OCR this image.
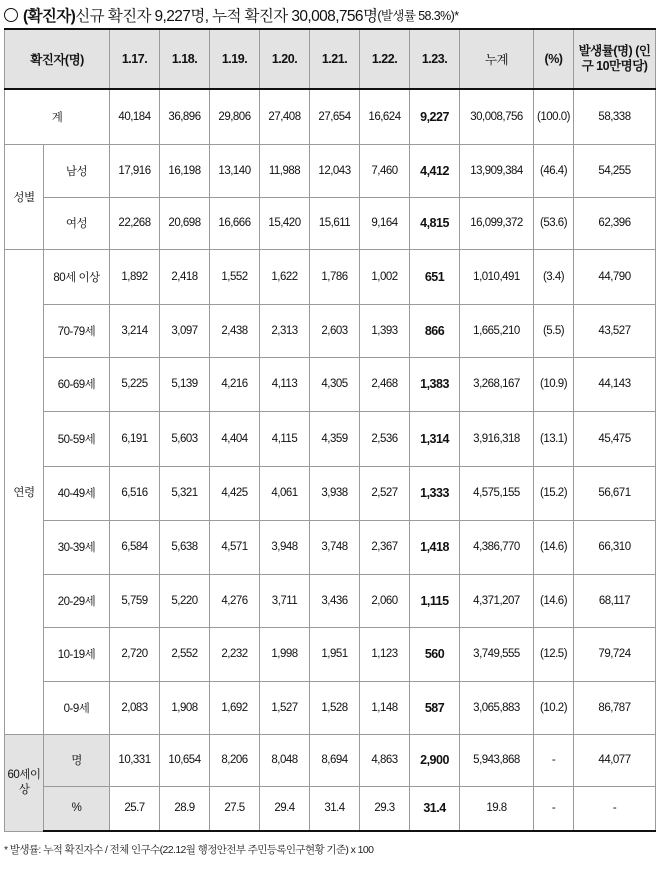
(확진자) 신규 확진자 9,227명, 누적 확진자 30,008,756명 (발생률 58.3%)*
확진자(명)		1.17.	1.18.	1.19.	1.20.	1.21.	1.22.	1.23.	누계	(%)	발생률(명) (인구 10만명당)
계		40,184	36,896	29,806	27,408	27,654	16,624	9,227	30,008,756	(100.0)	58,338
성별	남성	17,916	16,198	13,140	11,988	12,043	7,460	4,412	13,909,384	(46.4)	54,255
	여성	22,268	20,698	16,666	15,420	15,611	9,164	4,815	16,099,372	(53.6)	62,396
연령	80세 이상	1,892	2,418	1,552	1,622	1,786	1,002	651	1,010,491	(3.4)	44,790
	70-79세	3,214	3,097	2,438	2,313	2,603	1,393	866	1,665,210	(5.5)	43,527
	60-69세	5,225	5,139	4,216	4,113	4,305	2,468	1,383	3,268,167	(10.9)	44,143
	50-59세	6,191	5,603	4,404	4,115	4,359	2,536	1,314	3,916,318	(13.1)	45,475
	40-49세	6,516	5,321	4,425	4,061	3,938	2,527	1,333	4,575,155	(15.2)	56,671
	30-39세	6,584	5,638	4,571	3,948	3,748	2,367	1,418	4,386,770	(14.6)	66,310
	20-29세	5,759	5,220	4,276	3,711	3,436	2,060	1,115	4,371,207	(14.6)	68,117
	10-19세	2,720	2,552	2,232	1,998	1,951	1,123	560	3,749,555	(12.5)	79,724
	0-9세	2,083	1,908	1,692	1,527	1,528	1,148	587	3,065,883	(10.2)	86,787
60세이상	명	10,331	10,654	8,206	8,048	8,694	4,863	2,900	5,943,868	-	44,077
	%	25.7	28.9	27.5	29.4	31.4	29.3	31.4	19.8	-	-
* 발생률: 누적 확진자수 / 전체 인구수(22.12월 행정안전부 주민등록인구현황 기준) x 100
